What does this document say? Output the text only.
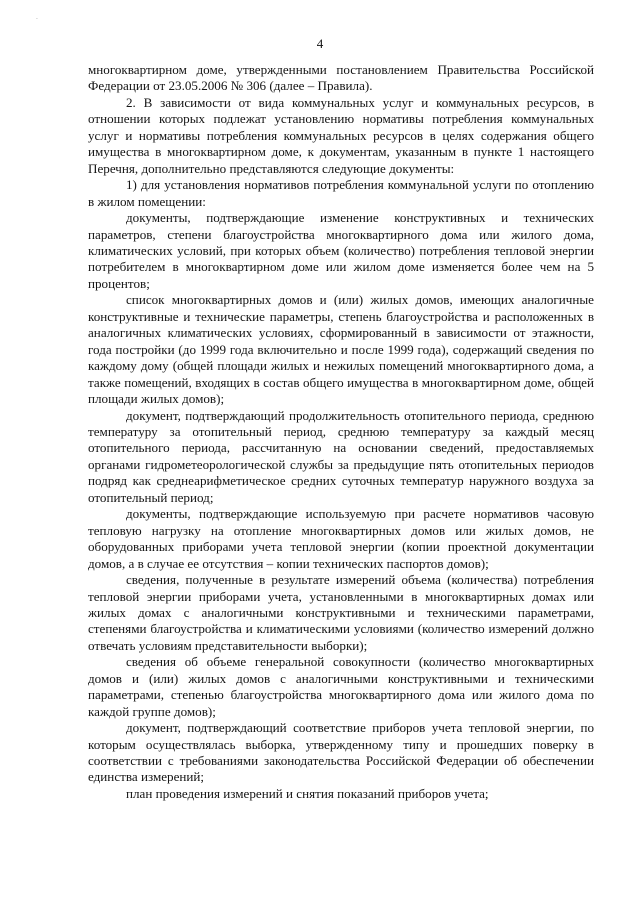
.
4

многоквартирном доме, утвержденными постановлением Правительства Российской Федерации от 23.05.2006 № 306 (далее – Правила).

2. В зависимости от вида коммунальных услуг и коммунальных ресурсов, в отношении которых подлежат установлению нормативы потребления коммунальных услуг и нормативы потребления коммунальных ресурсов в целях содержания общего имущества в многоквартирном доме, к документам, указанным в пункте 1 настоящего Перечня, дополнительно представляются следующие документы:

1) для установления нормативов потребления коммунальной услуги по отоплению в жилом помещении:

документы, подтверждающие изменение конструктивных и технических параметров, степени благоустройства многоквартирного дома или жилого дома, климатических условий, при которых объем (количество) потребления тепловой энергии потребителем в многоквартирном доме или жилом доме изменяется более чем на 5 процентов;

список многоквартирных домов и (или) жилых домов, имеющих аналогичные конструктивные и технические параметры, степень благоустройства и расположенных в аналогичных климатических условиях, сформированный в зависимости от этажности, года постройки (до 1999 года включительно и после 1999 года), содержащий сведения по каждому дому (общей площади жилых и нежилых помещений многоквартирного дома, а также помещений, входящих в состав общего имущества в многоквартирном доме, общей площади жилых домов);

документ, подтверждающий продолжительность отопительного периода, среднюю температуру за отопительный период, среднюю температуру за каждый месяц отопительного периода, рассчитанную на основании сведений, предоставляемых органами гидрометеорологической службы за предыдущие пять отопительных периодов подряд как среднеарифметическое средних суточных температур наружного воздуха за отопительный период;

документы, подтверждающие используемую при расчете нормативов часовую тепловую нагрузку на отопление многоквартирных домов или жилых домов, не оборудованных приборами учета тепловой энергии (копии проектной документации домов, а в случае ее отсутствия – копии технических паспортов домов);

сведения, полученные в результате измерений объема (количества) потребления тепловой энергии приборами учета, установленными в многоквартирных домах или жилых домах с аналогичными конструктивными и техническими параметрами, степенями благоустройства и климатическими условиями (количество измерений должно отвечать условиям представительности выборки);

сведения об объеме генеральной совокупности (количество многоквартирных домов и (или) жилых домов с аналогичными конструктивными и техническими параметрами, степенью благоустройства многоквартирного дома или жилого дома по каждой группе домов);

документ, подтверждающий соответствие приборов учета тепловой энергии, по которым осуществлялась выборка, утвержденному типу и прошедших поверку в соответствии с требованиями законодательства Российской Федерации об обеспечении единства измерений;

план проведения измерений и снятия показаний приборов учета;
